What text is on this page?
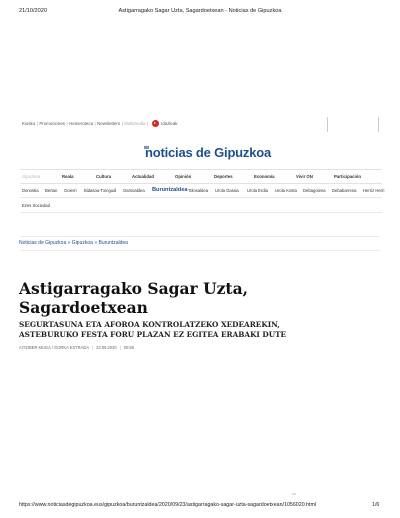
21/10/2020	Astigarragako Sagar Uzta, Sagardoetxean - Noticias de Gipuzkoa
Kiosko | Promociones | Hemeroteca | Newsletters | Multimedia |	Idazleak
noticias de Gipuzkoa
Gipuzkoa	Reala	Cultura	Actualidad	Opinión	Deportes	Economía	Vivir ON	Participación
Donostia Bertan Goierri Bidasoa-Txingudi Oarsoaldea Buruntzaldea Tolosaldea Urola Garaia Urola Erdia Urola Kosta Debagoiena Debabarrena Herriz Herri
Ezes Sociedad
Noticias de Gipuzkoa » Gipuzkoa » Buruntzaldea
Astigarragako Sagar Uzta, Sagardoetxean
SEGURTASUNA ETA AFOROA KONTROLATZEKO XEDEAREKIN, ASTEBURUKO FESTA FORU PLAZAN EZ EGITEA ERABAKI DUTE
AITZIBER MUGA / GORKA ESTRADA | 23.09.2020 | 00:58
Ad
https://www.noticiasdegipuzkoa.eus/gipuzkoa/buruntzaldea/2020/09/23/astigarragako-sagar-uzta-sagardoetxean/1056020.html	1/6
